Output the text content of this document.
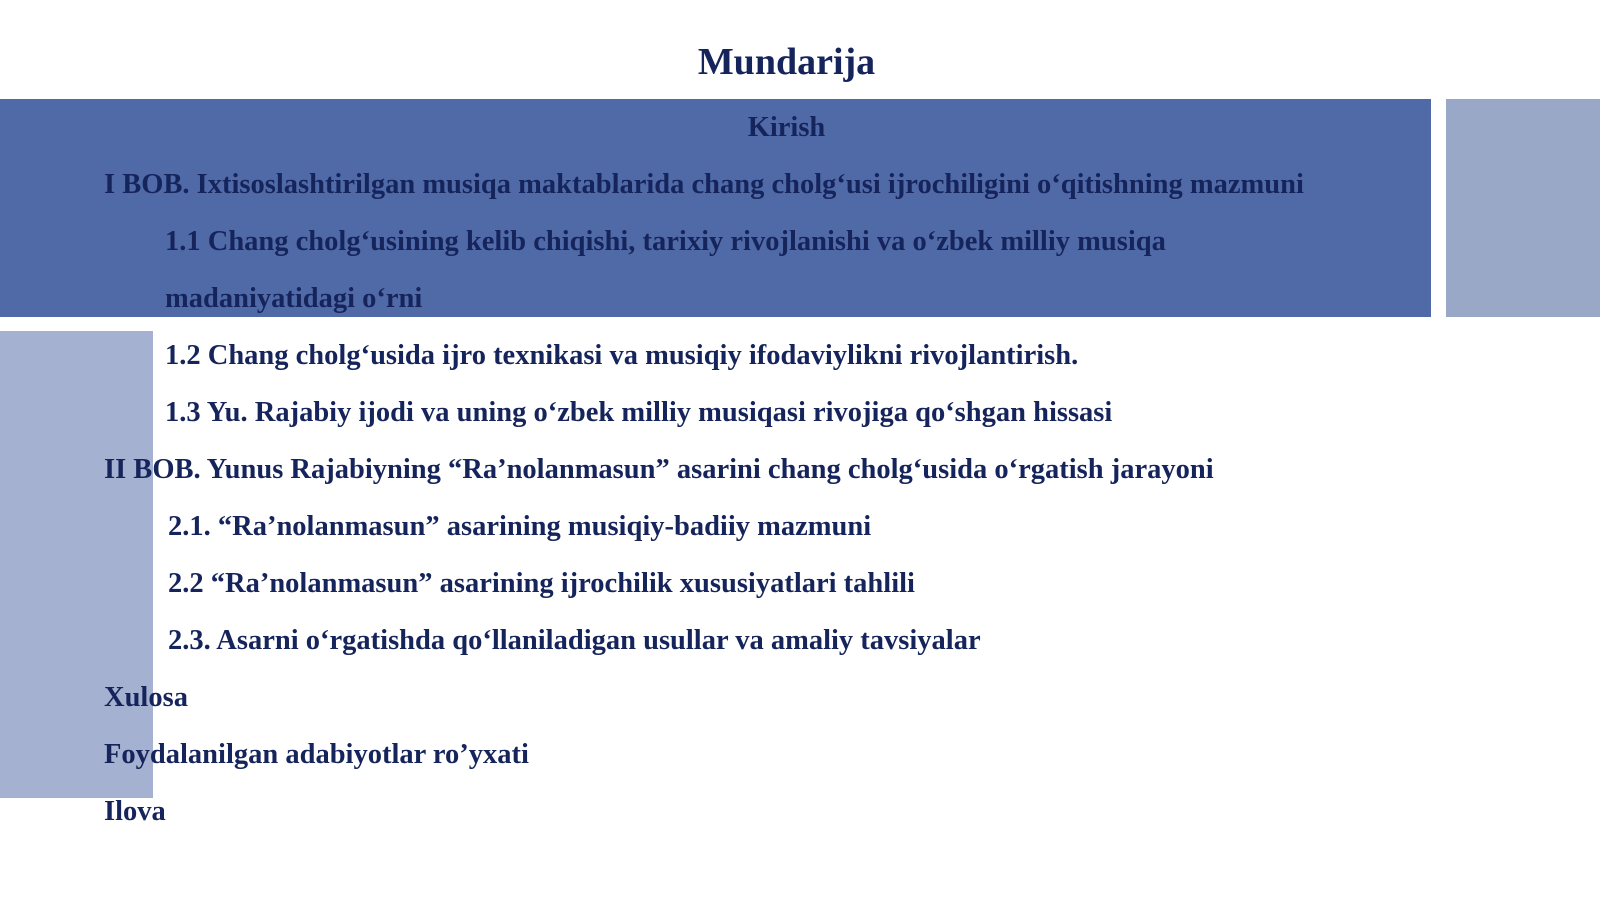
Mundarija
Kirish
I BOB. Ixtisoslashtirilgan musiqa maktablarida chang cholg‘usi ijrochiligini o‘qitishning mazmuni
1.1 Chang cholg‘usining kelib chiqishi, tarixiy rivojlanishi va o‘zbek milliy musiqa
madaniyatidagi o‘rni
1.2 Chang cholg‘usida ijro texnikasi va musiqiy ifodaviylikni rivojlantirish.
1.3 Yu. Rajabiy ijodi va uning o‘zbek milliy musiqasi rivojiga qo‘shgan hissasi
II BOB. Yunus Rajabiyning “Ra’nolanmasun” asarini chang cholg‘usida o‘rgatish jarayoni
2.1. “Ra’nolanmasun” asarining musiqiy-badiiy mazmuni
2.2 “Ra’nolanmasun” asarining ijrochilik xususiyatlari tahlili
2.3. Asarni o‘rgatishda qo‘llaniladigan usullar va amaliy tavsiyalar
Xulosa
Foydalanilgan adabiyotlar ro’yxati
Ilova
